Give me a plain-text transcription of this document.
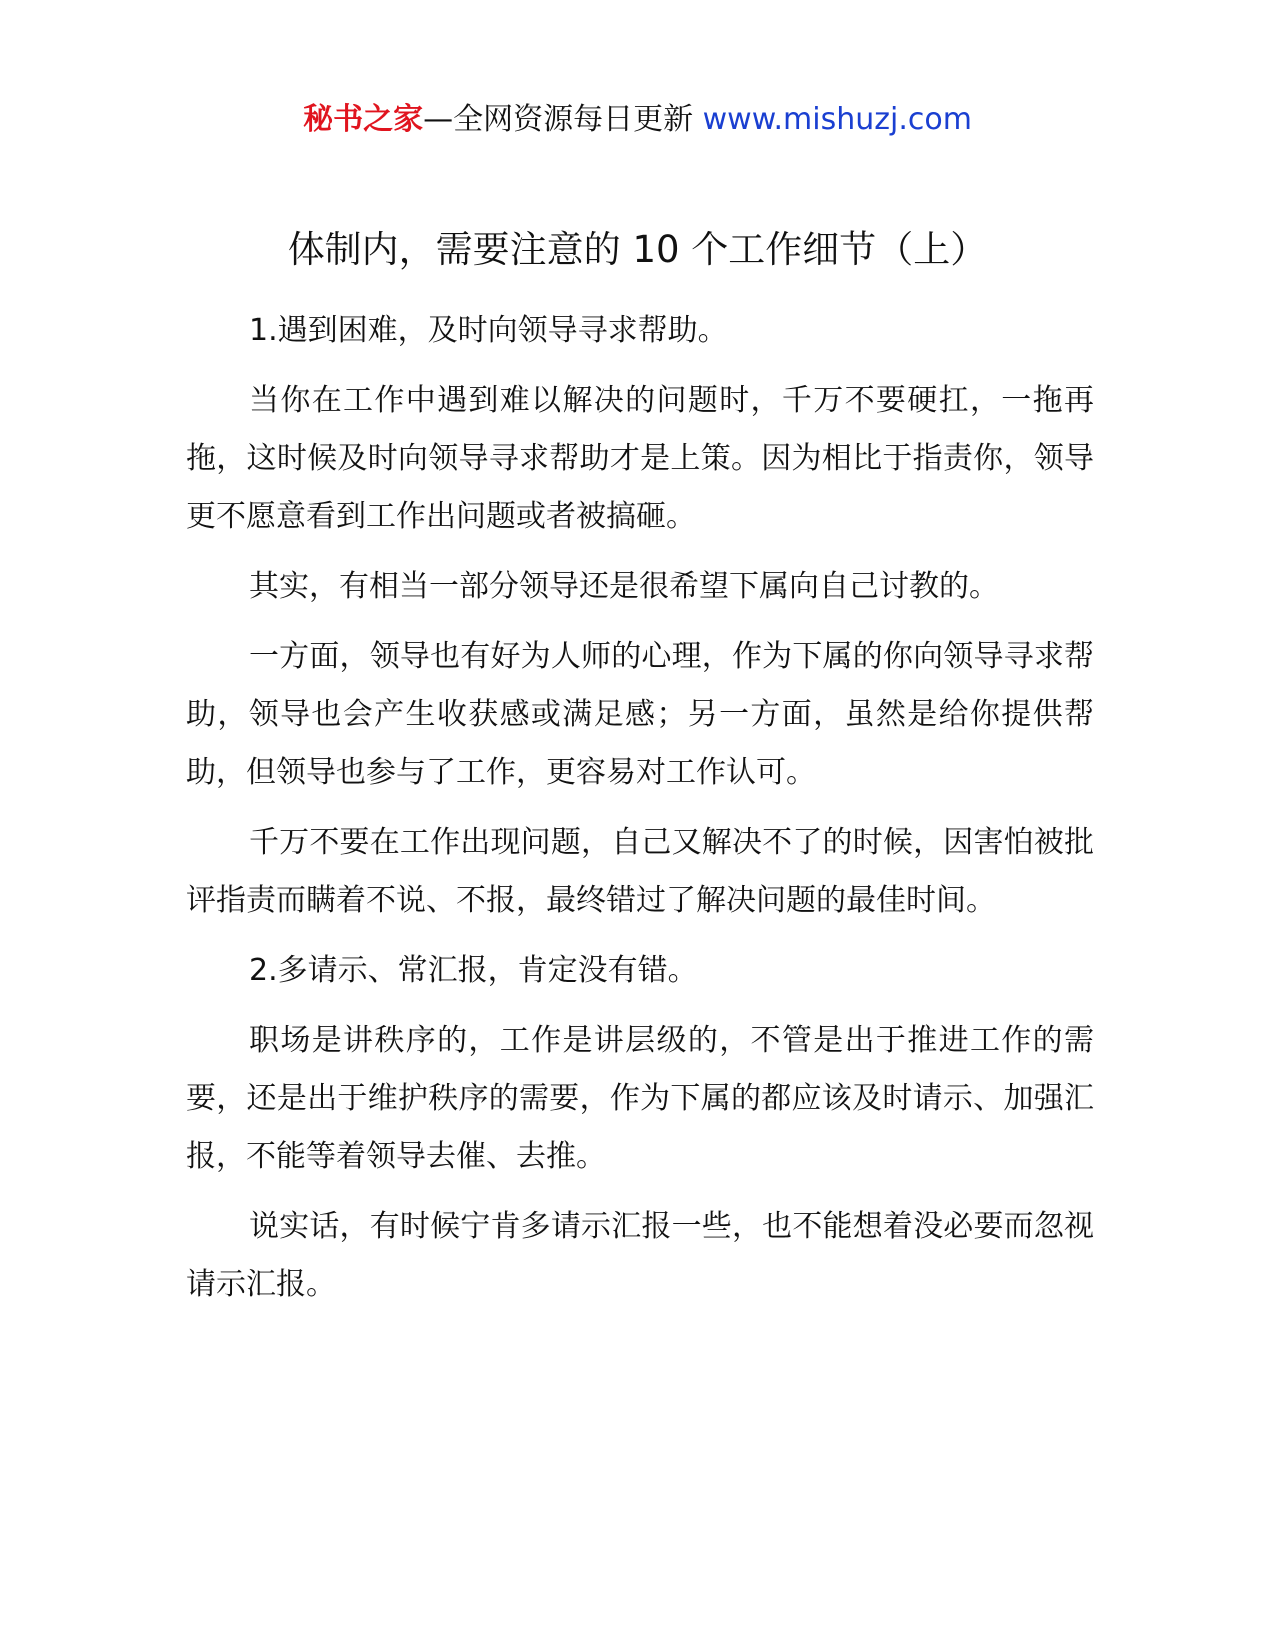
秘书之家—全网资源每日更新 www.mishuzj.com
体制内，需要注意的 10 个工作细节（上）

1.遇到困难，及时向领导寻求帮助。

当你在工作中遇到难以解决的问题时，千万不要硬扛，一拖再拖，这时候及时向领导寻求帮助才是上策。因为相比于指责你，领导更不愿意看到工作出问题或者被搞砸。

其实，有相当一部分领导还是很希望下属向自己讨教的。

一方面，领导也有好为人师的心理，作为下属的你向领导寻求帮助，领导也会产生收获感或满足感；另一方面，虽然是给你提供帮助，但领导也参与了工作，更容易对工作认可。

千万不要在工作出现问题，自己又解决不了的时候，因害怕被批评指责而瞒着不说、不报，最终错过了解决问题的最佳时间。

2.多请示、常汇报，肯定没有错。

职场是讲秩序的，工作是讲层级的，不管是出于推进工作的需要，还是出于维护秩序的需要，作为下属的都应该及时请示、加强汇报，不能等着领导去催、去推。

说实话，有时候宁肯多请示汇报一些，也不能想着没必要而忽视请示汇报。
